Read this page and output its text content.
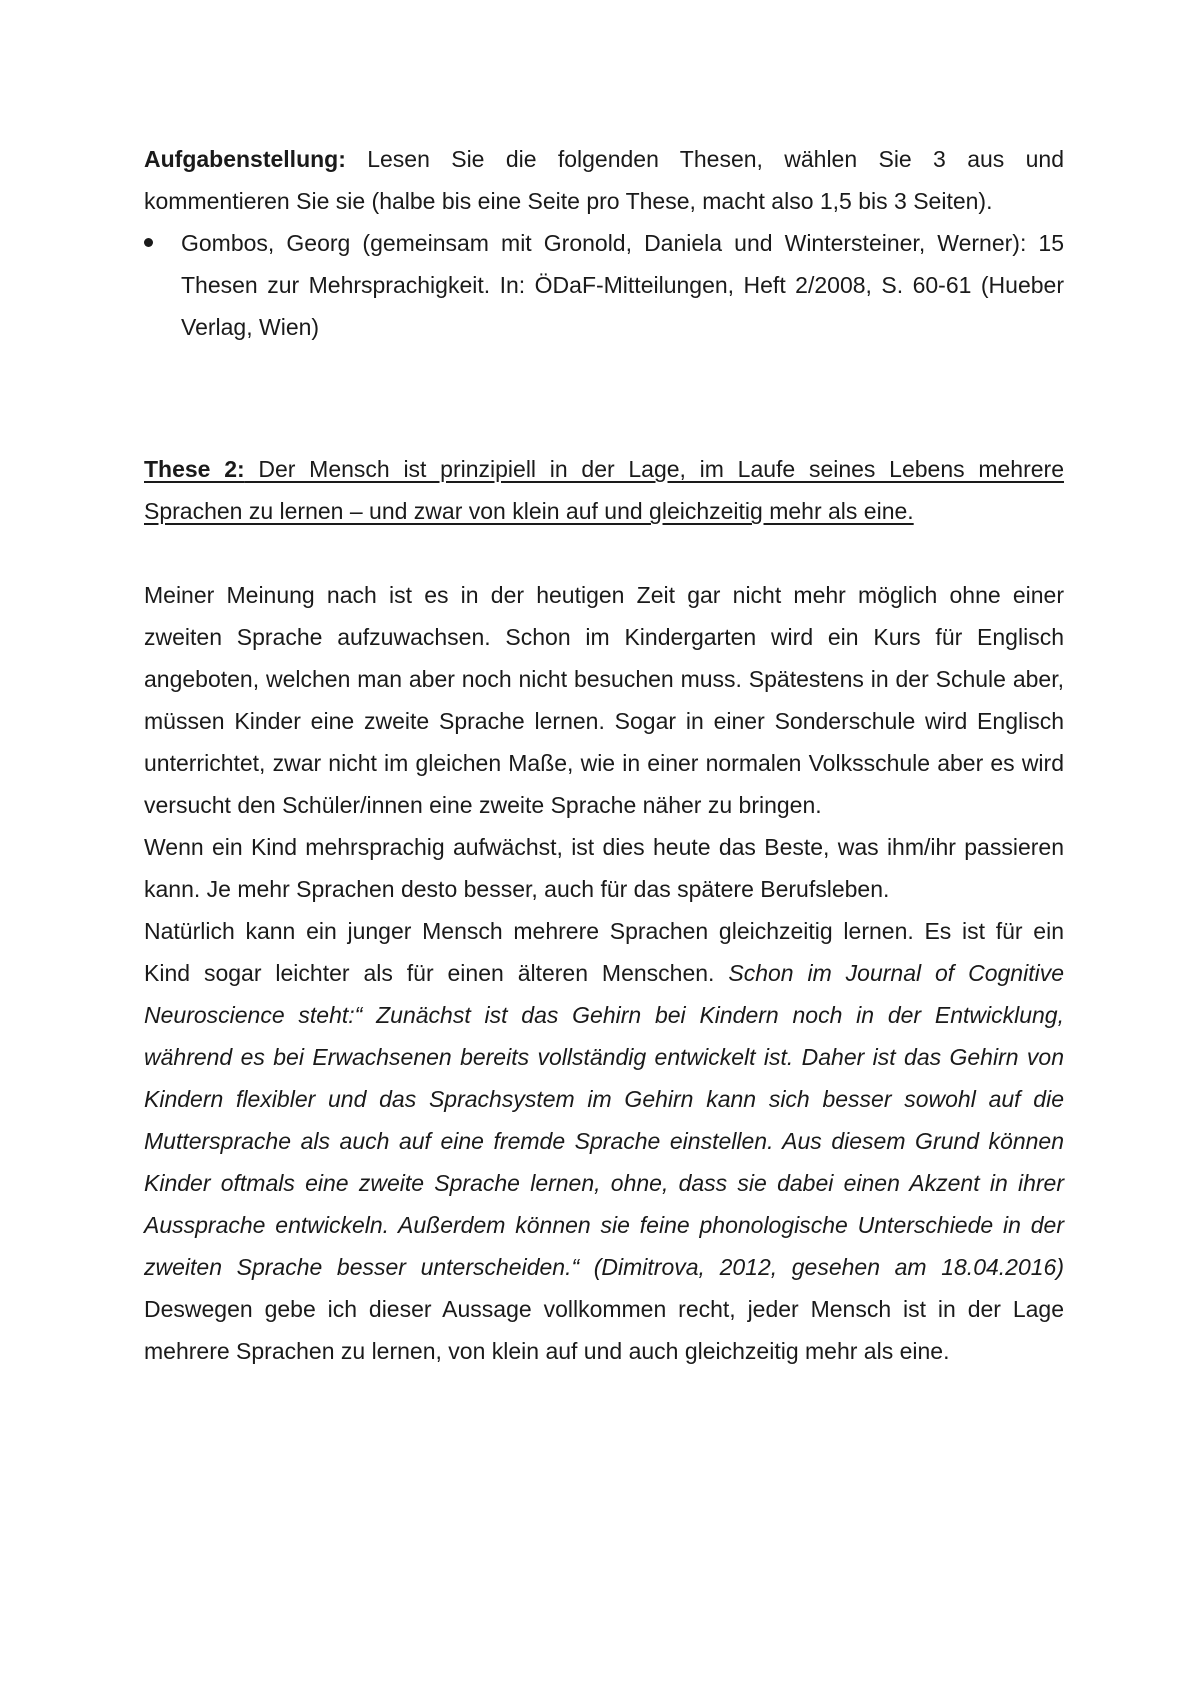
Aufgabenstellung: Lesen Sie die folgenden Thesen, wählen Sie 3 aus und kommentieren Sie sie (halbe bis eine Seite pro These, macht also 1,5 bis 3 Seiten).

Gombos, Georg (gemeinsam mit Gronold, Daniela und Wintersteiner, Werner): 15 Thesen zur Mehrsprachigkeit. In: ÖDaF-Mitteilungen, Heft 2/2008, S. 60-61 (Hueber Verlag, Wien)

These 2: Der Mensch ist prinzipiell in der Lage, im Laufe seines Lebens mehrere Sprachen zu lernen – und zwar von klein auf und gleichzeitig mehr als eine.

Meiner Meinung nach ist es in der heutigen Zeit gar nicht mehr möglich ohne einer zweiten Sprache aufzuwachsen. Schon im Kindergarten wird ein Kurs für Englisch angeboten, welchen man aber noch nicht besuchen muss. Spätestens in der Schule aber, müssen Kinder eine zweite Sprache lernen. Sogar in einer Sonderschule wird Englisch unterrichtet, zwar nicht im gleichen Maße, wie in einer normalen Volksschule aber es wird versucht den Schüler/innen eine zweite Sprache näher zu bringen.

Wenn ein Kind mehrsprachig aufwächst, ist dies heute das Beste, was ihm/ihr passieren kann. Je mehr Sprachen desto besser, auch für das spätere Berufsleben.

Natürlich kann ein junger Mensch mehrere Sprachen gleichzeitig lernen. Es ist für ein Kind sogar leichter als für einen älteren Menschen. Schon im Journal of Cognitive Neuroscience steht:“ Zunächst ist das Gehirn bei Kindern noch in der Entwicklung, während es bei Erwachsenen bereits vollständig entwickelt ist. Daher ist das Gehirn von Kindern flexibler und das Sprachsystem im Gehirn kann sich besser sowohl auf die Muttersprache als auch auf eine fremde Sprache einstellen. Aus diesem Grund können Kinder oftmals eine zweite Sprache lernen, ohne, dass sie dabei einen Akzent in ihrer Aussprache entwickeln. Außerdem können sie feine phonologische Unterschiede in der zweiten Sprache besser unterscheiden.“ (Dimitrova, 2012, gesehen am 18.04.2016) Deswegen gebe ich dieser Aussage vollkommen recht, jeder Mensch ist in der Lage mehrere Sprachen zu lernen, von klein auf und auch gleichzeitig mehr als eine.
